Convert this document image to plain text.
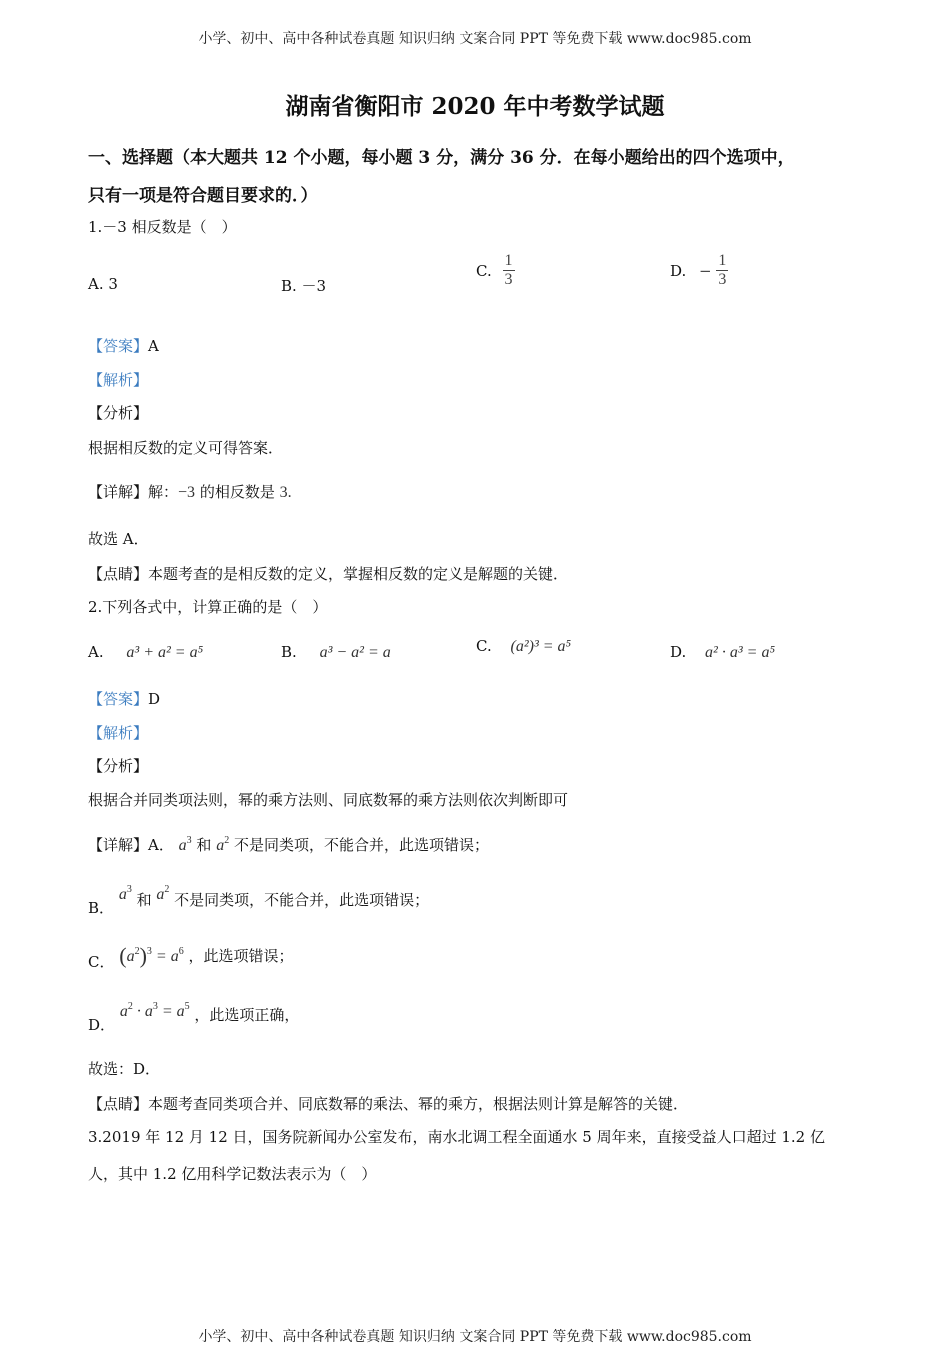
小学、初中、高中各种试卷真题 知识归纳 文案合同 PPT 等免费下载 www.doc985.com
湖南省衡阳市 2020 年中考数学试题
一、选择题（本大题共 12 个小题，每小题 3 分，满分 36 分．在每小题给出的四个选项中，
只有一项是符合题目要求的．）
1.－3 相反数是（　）
A. 3	B. －3
C. $\frac{1}{3}$	D. − $\frac{1}{3}$
【答案】A
【解析】
【分析】
根据相反数的定义可得答案．
【详解】解：−3 的相反数是 3.
故选 A．
【点睛】本题考查的是相反数的定义，掌握相反数的定义是解题的关键．
2.下列各式中，计算正确的是（　）
A. a³ + a² = a⁵	B. a³ − a² = a	C. (a²)³ = a⁵	D. a² · a³ = a⁵
【答案】D
【解析】
【分析】
根据合并同类项法则，幂的乘方法则、同底数幂的乘方法则依次判断即可
【详解】A． $a^3$ 和 $a^2$ 不是同类项，不能合并，此选项错误；
B． $a^3$ 和 $a^2$ 不是同类项，不能合并，此选项错误；
C． $(a^2)^3 = a^6$ ，此选项错误；
D． $a^2 \cdot a^3 = a^5$ ，此选项正确，
故选：D．
【点睛】本题考查同类项合并、同底数幂的乘法、幂的乘方，根据法则计算是解答的关键．
3.2019 年 12 月 12 日，国务院新闻办公室发布，南水北调工程全面通水 5 周年来，直接受益人口超过 1.2 亿
人，其中 1.2 亿用科学记数法表示为（　）
小学、初中、高中各种试卷真题 知识归纳 文案合同 PPT 等免费下载 www.doc985.com
